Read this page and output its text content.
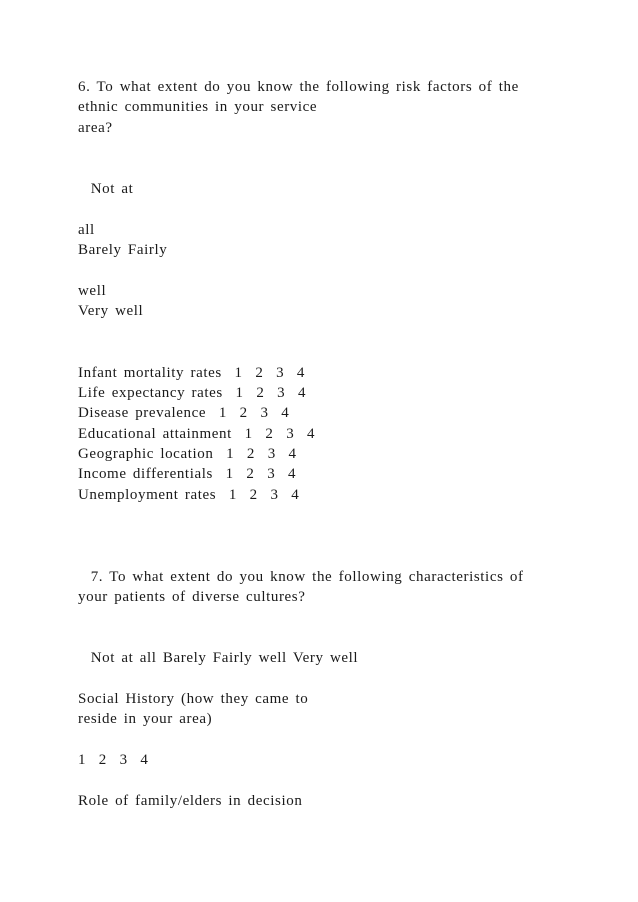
6. To what extent do you know the following risk factors of the
ethnic communities in your service
area?
Not at
all
Barely Fairly
well
Very well
Infant mortality rates  1  2  3  4
Life expectancy rates  1  2  3  4
Disease prevalence  1  2  3  4
Educational attainment  1  2  3  4
Geographic location  1  2  3  4
Income differentials  1  2  3  4
Unemployment rates  1  2  3  4
7. To what extent do you know the following characteristics of
your patients of diverse cultures?
Not at all Barely Fairly well Very well
Social History (how they came to
reside in your area)
1  2  3  4
Role of family/elders in decision
